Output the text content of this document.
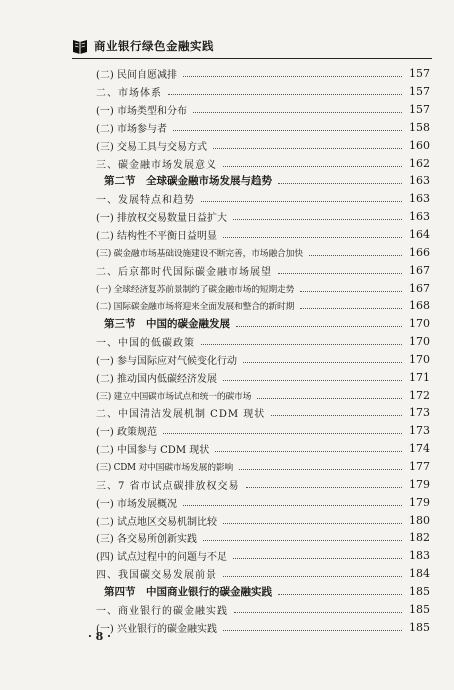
商业银行绿色金融实践
(二) 民间自愿减排	157
二、市场体系	157
(一) 市场类型和分布	157
(二) 市场参与者	158
(三) 交易工具与交易方式	160
三、碳金融市场发展意义	162
第二节　全球碳金融市场发展与趋势	163
一、发展特点和趋势	163
(一) 排放权交易数量日益扩大	163
(二) 结构性不平衡日益明显	164
(三) 碳金融市场基础设施建设不断完善，市场融合加快	166
二、后京都时代国际碳金融市场展望	167
(一) 全球经济复苏前景制约了碳金融市场的短期走势	167
(二) 国际碳金融市场将迎来全面发展和整合的新时期	168
第三节　中国的碳金融发展	170
一、中国的低碳政策	170
(一) 参与国际应对气候变化行动	170
(二) 推动国内低碳经济发展	171
(三) 建立中国碳市场试点和统一的碳市场	172
二、中国清洁发展机制 CDM 现状	173
(一) 政策规范	173
(二) 中国参与 CDM 现状	174
(三) CDM 对中国碳市场发展的影响	177
三、7 省市试点碳排放权交易	179
(一) 市场发展概况	179
(二) 试点地区交易机制比较	180
(三) 各交易所创新实践	182
(四) 试点过程中的问题与不足	183
四、我国碳交易发展前景	184
第四节　中国商业银行的碳金融实践	185
一、商业银行的碳金融实践	185
(一) 兴业银行的碳金融实践	185
· 8 ·
